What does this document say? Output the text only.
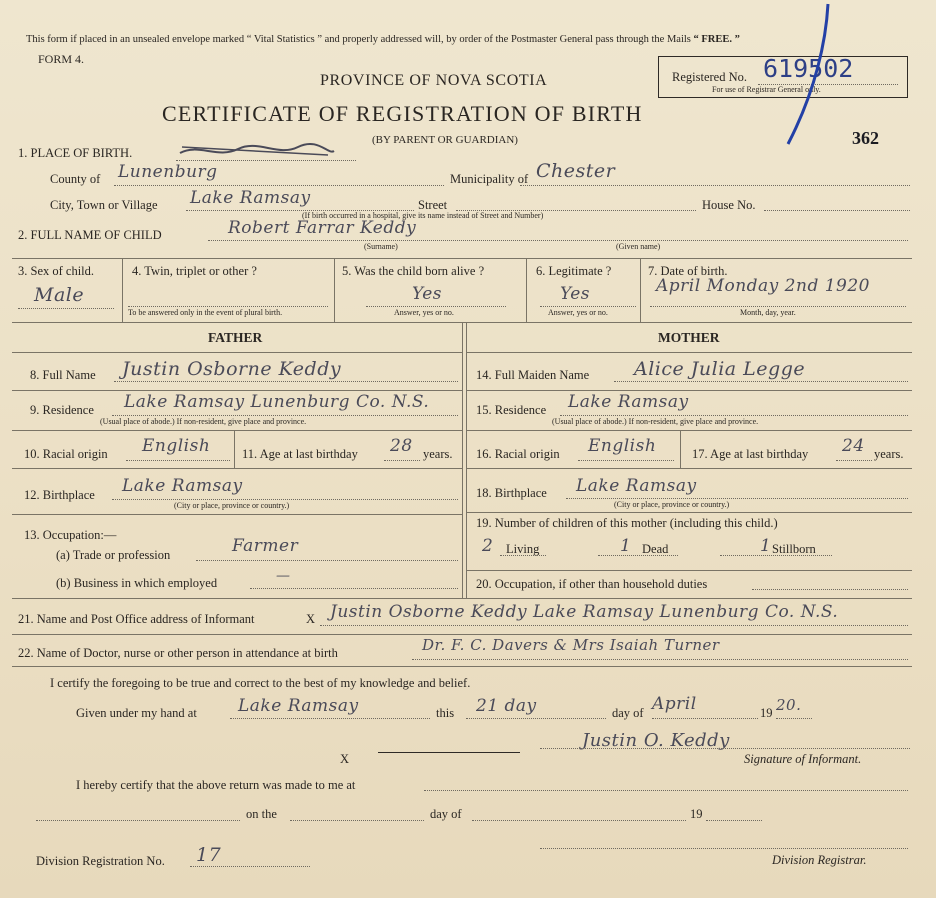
This form if placed in an unsealed envelope marked “ Vital Statistics ” and properly addressed will, by order of the Postmaster General pass through the Mails “ FREE. ”
FORM 4.
PROVINCE OF NOVA SCOTIA
CERTIFICATE OF REGISTRATION OF BIRTH
(BY PARENT OR GUARDIAN)
Registered No. 619502
For use of Registrar General only.
362
1. PLACE OF BIRTH.
County of Lunenburg	Municipality of Chester
City, Town or Village Lake Ramsay	Street	House No.
(If birth occurred in a hospital, give its name instead of Street and Number)
2. FULL NAME OF CHILD	Robert Farrar Keddy
(Surname)	(Given name)
3. Sex of child.
Male
4. Twin, triplet or other ?
To be answered only in the event of plural birth.
5. Was the child born alive ?
Yes
Answer, yes or no.
6. Legitimate ?
Yes
Answer, yes or no.
7. Date of birth.
April Monday 2nd 1920
Month, day, year.
FATHER	MOTHER
8. Full Name Justin Osborne Keddy
9. Residence Lake Ramsay Lunenburg Co. N.S.
(Usual place of abode.) If non-resident, give place and province.
10. Racial origin English	11. Age at last birthday 28 years.
12. Birthplace Lake Ramsay
(City or place, province or country.)
13. Occupation:—
(a) Trade or profession	Farmer
(b) Business in which employed	—
14. Full Maiden Name Alice Julia Legge
15. Residence Lake Ramsay
(Usual place of abode.) If non-resident, give place and province.
16. Racial origin English	17. Age at last birthday 24 years.
18. Birthplace Lake Ramsay
(City or place, province or country.)
19. Number of children of this mother (including this child.)
2 Living	1 Dead	1 Stillborn
20. Occupation, if other than household duties
21. Name and Post Office address of Informant	X Justin Osborne Keddy Lake Ramsay Lunenburg Co. N.S.
22. Name of Doctor, nurse or other person in attendance at birth	Dr. F. C. Davers & Mrs Isaiah Turner
I certify the foregoing to be true and correct to the best of my knowledge and belief.
Given under my hand at Lake Ramsay	this 21 day	day of April	19 20.
X
Justin O. Keddy
Signature of Informant.
I hereby certify that the above return was made to me at
on the	day of	19
Division Registration No. 17	Division Registrar.
